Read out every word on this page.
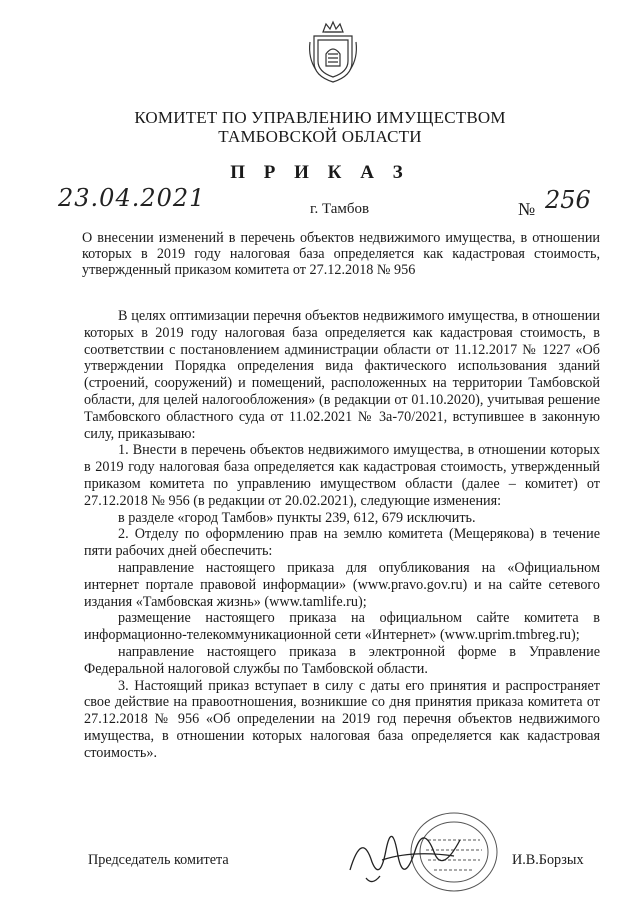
КОМИТЕТ ПО УПРАВЛЕНИЮ ИМУЩЕСТВОМ
ТАМБОВСКОЙ ОБЛАСТИ
П Р И К А З
23.04.2021	г. Тамбов	№ 256
О внесении изменений в перечень объектов недвижимого имущества, в отношении которых в 2019 году налоговая база определяется как кадастровая стоимость, утвержденный приказом комитета от 27.12.2018 № 956

В целях оптимизации перечня объектов недвижимого имущества, в отношении которых в 2019 году налоговая база определяется как кадастровая стоимость, в соответствии с постановлением администрации области от 11.12.2017 № 1227 «Об утверждении Порядка определения вида фактического использования зданий (строений, сооружений) и помещений, расположенных на территории Тамбовской области, для целей налогообложения» (в редакции от 01.10.2020), учитывая решение Тамбовского областного суда от 11.02.2021 № 3а-70/2021, вступившее в законную силу, приказываю:

1. Внести в перечень объектов недвижимого имущества, в отношении которых в 2019 году налоговая база определяется как кадастровая стоимость, утвержденный приказом комитета по управлению имуществом области (далее – комитет) от 27.12.2018 № 956 (в редакции от 20.02.2021), следующие изменения:

в разделе «город Тамбов» пункты 239, 612, 679 исключить.

2. Отделу по оформлению прав на землю комитета (Мещерякова) в течение пяти рабочих дней обеспечить:

направление настоящего приказа для опубликования на «Официальном интернет портале правовой информации» (www.pravo.gov.ru) и на сайте сетевого издания «Тамбовская жизнь» (www.tamlife.ru);

размещение настоящего приказа на официальном сайте комитета в информационно-телекоммуникационной сети «Интернет» (www.uprim.tmbreg.ru);

направление настоящего приказа в электронной форме в Управление Федеральной налоговой службы по Тамбовской области.

3. Настоящий приказ вступает в силу с даты его принятия и распространяет свое действие на правоотношения, возникшие со дня принятия приказа комитета от 27.12.2018 № 956 «Об определении на 2019 год перечня объектов недвижимого имущества, в отношении которых налоговая база определяется как кадастровая стоимость».

Председатель комитета	И.В.Борзых
